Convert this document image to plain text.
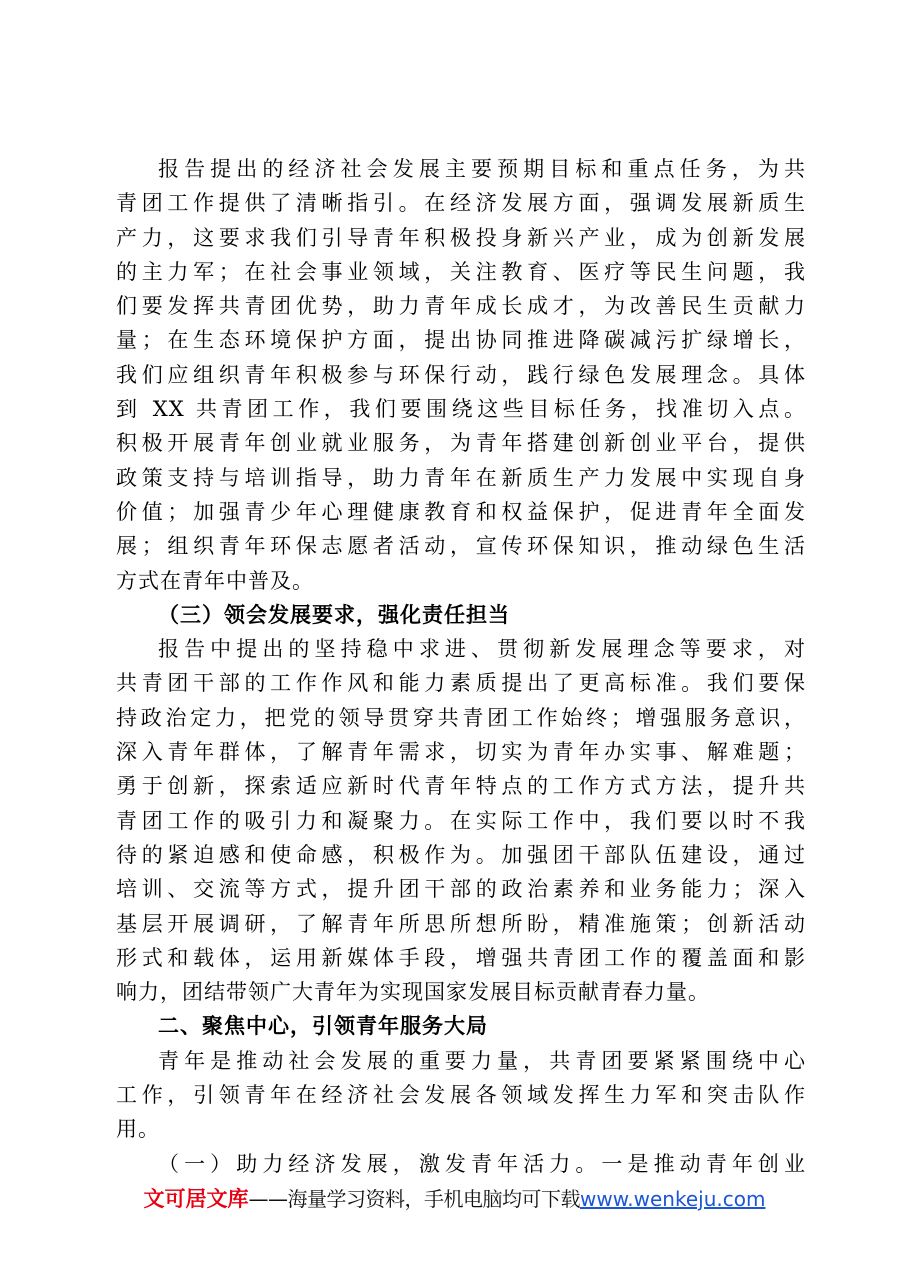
报告提出的经济社会发展主要预期目标和重点任务，为共
青团工作提供了清晰指引。在经济发展方面，强调发展新质生
产力，这要求我们引导青年积极投身新兴产业，成为创新发展
的主力军；在社会事业领域，关注教育、医疗等民生问题，我
们要发挥共青团优势，助力青年成长成才，为改善民生贡献力
量；在生态环境保护方面，提出协同推进降碳减污扩绿增长，
我们应组织青年积极参与环保行动，践行绿色发展理念。具体
到 XX 共青团工作，我们要围绕这些目标任务，找准切入点。
积极开展青年创业就业服务，为青年搭建创新创业平台，提供
政策支持与培训指导，助力青年在新质生产力发展中实现自身
价值；加强青少年心理健康教育和权益保护，促进青年全面发
展；组织青年环保志愿者活动，宣传环保知识，推动绿色生活
方式在青年中普及。
（三）领会发展要求，强化责任担当
报告中提出的坚持稳中求进、贯彻新发展理念等要求，对
共青团干部的工作作风和能力素质提出了更高标准。我们要保
持政治定力，把党的领导贯穿共青团工作始终；增强服务意识，
深入青年群体，了解青年需求，切实为青年办实事、解难题；
勇于创新，探索适应新时代青年特点的工作方式方法，提升共
青团工作的吸引力和凝聚力。在实际工作中，我们要以时不我
待的紧迫感和使命感，积极作为。加强团干部队伍建设，通过
培训、交流等方式，提升团干部的政治素养和业务能力；深入
基层开展调研，了解青年所思所想所盼，精准施策；创新活动
形式和载体，运用新媒体手段，增强共青团工作的覆盖面和影
响力，团结带领广大青年为实现国家发展目标贡献青春力量。
二、聚焦中心，引领青年服务大局
青年是推动社会发展的重要力量，共青团要紧紧围绕中心
工作，引领青年在经济社会发展各领域发挥生力军和突击队作
用。
（一）助力经济发展，激发青年活力。一是推动青年创业
文可居文库——海量学习资料，手机电脑均可下载www.wenkeju.com
